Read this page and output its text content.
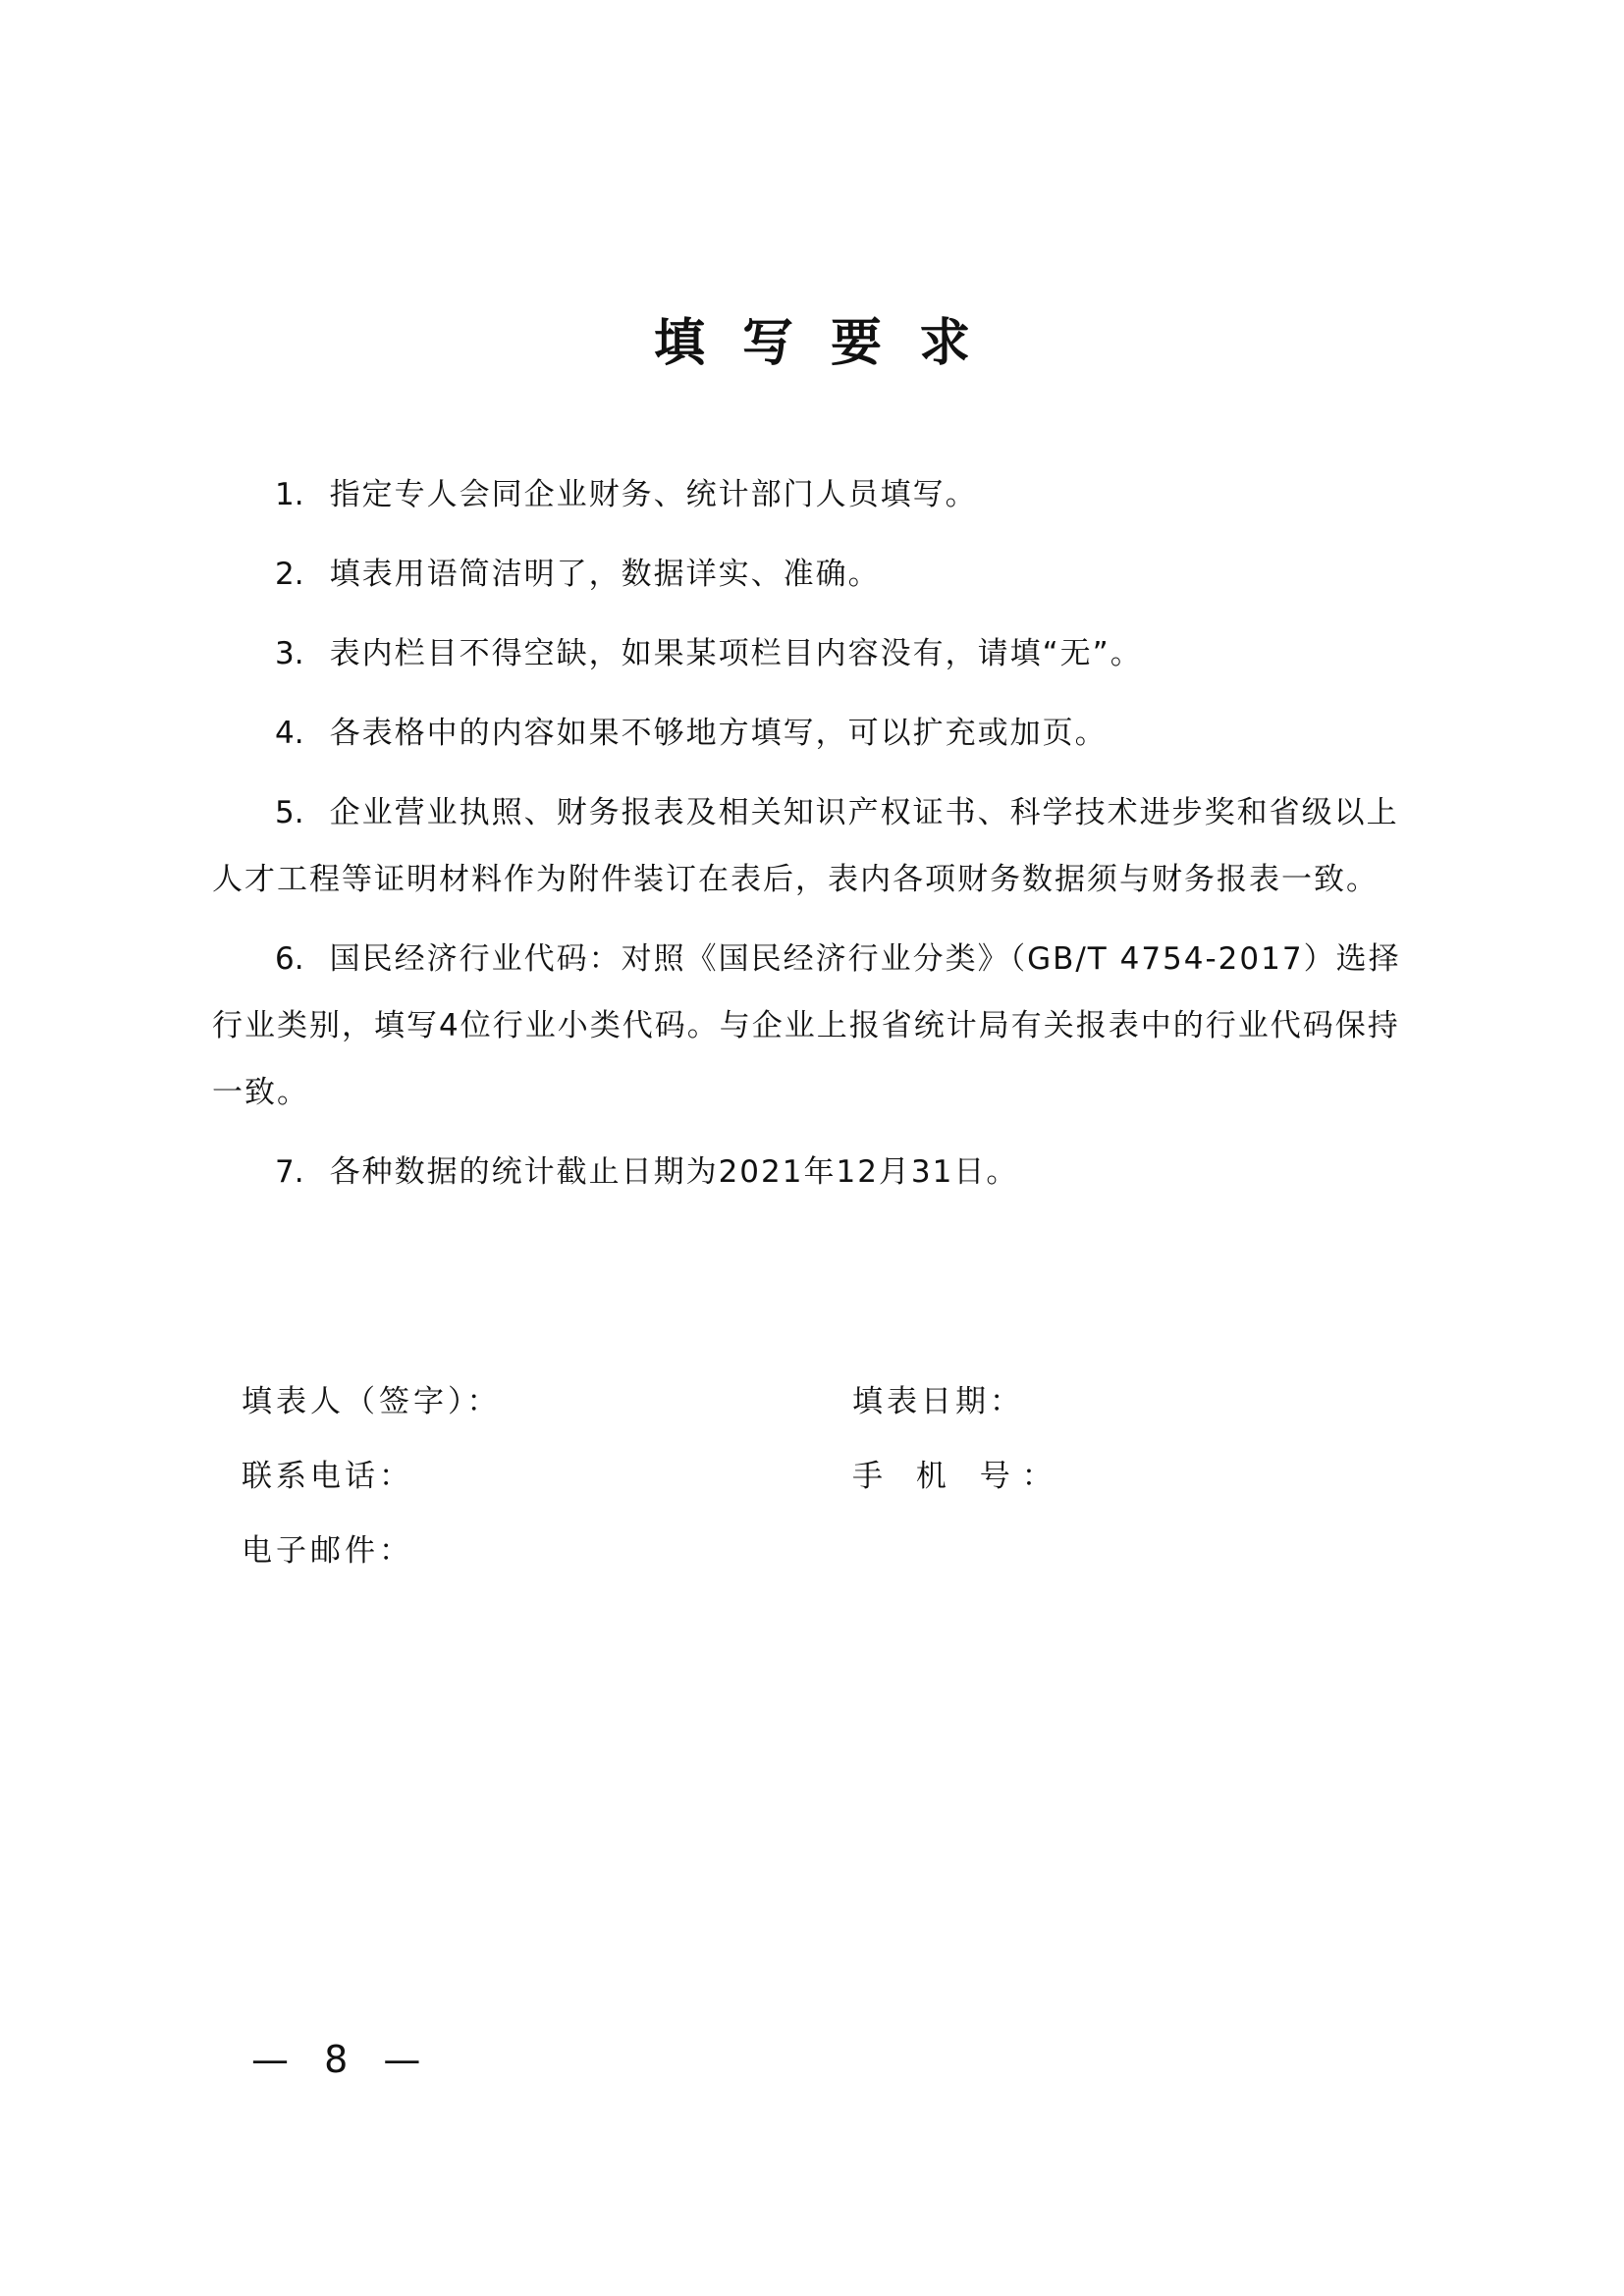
填写要求
1. 指定专人会同企业财务、统计部门人员填写。
2. 填表用语简洁明了，数据详实、准确。
3. 表内栏目不得空缺，如果某项栏目内容没有，请填“无”。
4. 各表格中的内容如果不够地方填写，可以扩充或加页。
5. 企业营业执照、财务报表及相关知识产权证书、科学技术进步奖和省级以上人才工程等证明材料作为附件装订在表后，表内各项财务数据须与财务报表一致。
6. 国民经济行业代码：对照《国民经济行业分类》（GB/T 4754-2017）选择行业类别，填写4位行业小类代码。与企业上报省统计局有关报表中的行业代码保持一致。
7. 各种数据的统计截止日期为2021年12月31日。
填表人（签字）：	填表日期：
联系电话：	手 机 号：
电子邮件：
— 8 —
